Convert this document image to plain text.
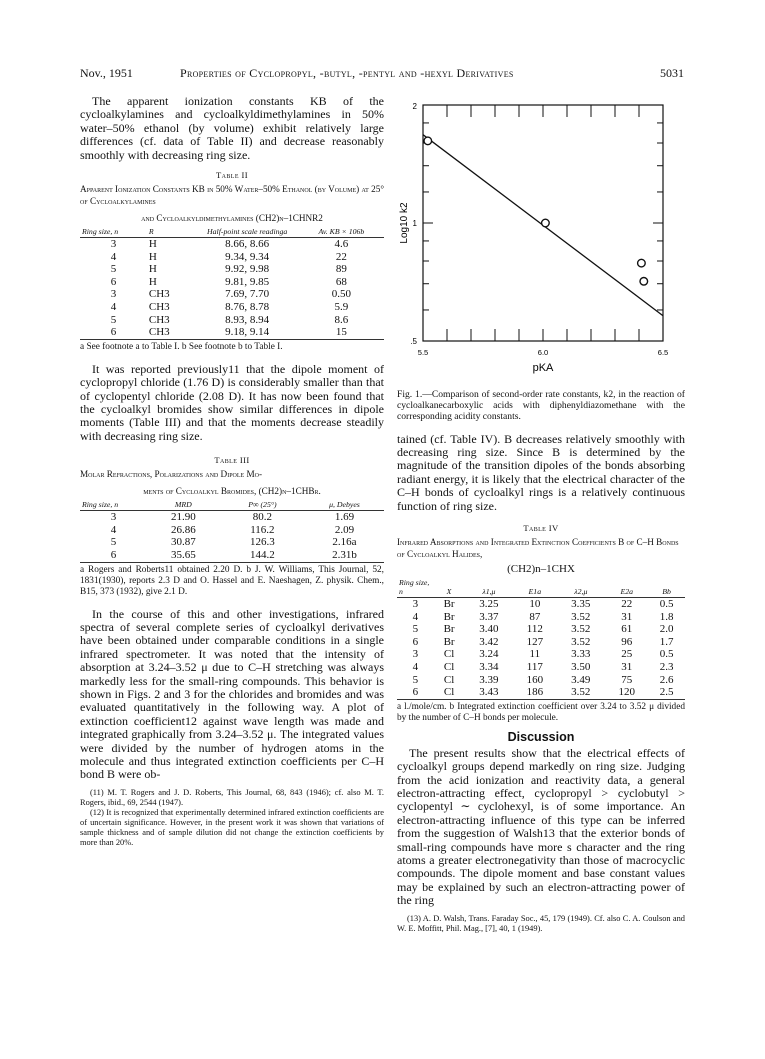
Nov., 1951	Properties of Cyclopropyl, -butyl, -pentyl and -hexyl Derivatives	5031

The apparent ionization constants KB of the cycloalkylamines and cycloalkyldimethylamines in 50% water–50% ethanol (by volume) exhibit relatively large differences (cf. data of Table II) and decrease reasonably smoothly with decreasing ring size.

Table II
Apparent Ionization Constants KB in 50% Water–50% Ethanol (by Volume) at 25° of Cycloalkylamines
and Cycloalkyldimethylamines (CH2)n–1CHNR2
Ring size, n	R	Half-point scale readinga	Av. KB × 106b
3	H	8.66, 8.66	4.6
4	H	9.34, 9.34	22
5	H	9.92, 9.98	89
6	H	9.81, 9.85	68
3	CH3	7.69, 7.70	0.50
4	CH3	8.76, 8.78	5.9
5	CH3	8.93, 8.94	8.6
6	CH3	9.18, 9.14	15
a See footnote a to Table I. b See footnote b to Table I.

It was reported previously11 that the dipole moment of cyclopropyl chloride (1.76 D) is considerably smaller than that of cyclopentyl chloride (2.08 D). It has now been found that the cycloalkyl bromides show similar differences in dipole moments (Table III) and that the moments decrease steadily with decreasing ring size.

Table III
Molar Refractions, Polarizations and Dipole Mo-
ments of Cycloalkyl Bromides, (CH2)n–1CHBr.
Ring size, n	MRD	P∞ (25°)	μ, Debyes
3	21.90	80.2	1.69
4	26.86	116.2	2.09
5	30.87	126.3	2.16a
6	35.65	144.2	2.31b
a Rogers and Roberts11 obtained 2.20 D. b J. W. Williams, This Journal, 52, 1831(1930), reports 2.3 D and O. Hassel and E. Naeshagen, Z. physik. Chem., B15, 373 (1932), give 2.1 D.

In the course of this and other investigations, infrared spectra of several complete series of cycloalkyl derivatives have been obtained under comparable conditions in a single infrared spectrometer. It was noted that the intensity of absorption at 3.24–3.52 μ due to C–H stretching was always markedly less for the small-ring compounds. This behavior is shown in Figs. 2 and 3 for the chlorides and bromides and was evaluated quantitatively in the following way. A plot of extinction coefficient12 against wave length was made and integrated graphically from 3.24–3.52 μ. The integrated values were divided by the number of hydrogen atoms in the molecule and thus integrated extinction coefficients per C–H bond B were ob-

(11) M. T. Rogers and J. D. Roberts, This Journal, 68, 843 (1946); cf. also M. T. Rogers, ibid., 69, 2544 (1947).

(12) It is recognized that experimentally determined infrared extinction coefficients are of uncertain significance. However, in the present work it was shown that variations of sample thickness and of sample dilution did not change the extinction coefficients by more than 20%.

2
1
.5
5.5	6.0	6.5
Log10 k2
pKA

Fig. 1.—Comparison of second-order rate constants, k2, in the reaction of cycloalkanecarboxylic acids with diphenyldiazomethane with the corresponding acidity constants.

tained (cf. Table IV). B decreases relatively smoothly with decreasing ring size. Since B is determined by the magnitude of the transition dipoles of the bonds absorbing radiant energy, it is likely that the electrical character of the C–H bonds of cycloalkyl rings is a relatively continuous function of ring size.

Table IV
Infrared Absorptions and Integrated Extinction Coefficients B of C–H Bonds of Cycloalkyl Halides,
(CH2)n–1CHX
Ring size, n	X	λ1,μ	E1a	λ2,μ	E2a	Bb
3	Br	3.25	10	3.35	22	0.5
4	Br	3.37	87	3.52	31	1.8
5	Br	3.40	112	3.52	61	2.0
6	Br	3.42	127	3.52	96	1.7
3	Cl	3.24	11	3.33	25	0.5
4	Cl	3.34	117	3.50	31	2.3
5	Cl	3.39	160	3.49	75	2.6
6	Cl	3.43	186	3.52	120	2.5
a l./mole/cm. b Integrated extinction coefficient over 3.24 to 3.52 μ divided by the number of C–H bonds per molecule.
Discussion

The present results show that the electrical effects of cycloalkyl groups depend markedly on ring size. Judging from the acid ionization and reactivity data, a general electron-attracting effect, cyclopropyl > cyclobutyl > cyclopentyl ∼ cyclohexyl, is of some importance. An electron-attracting influence of this type can be inferred from the suggestion of Walsh13 that the exterior bonds of small-ring compounds have more s character and the ring atoms a greater electronegativity than those of macrocyclic compounds. The dipole moment and base constant values may be explained by such an electron-attracting power of the ring

(13) A. D. Walsh, Trans. Faraday Soc., 45, 179 (1949). Cf. also C. A. Coulson and W. E. Moffitt, Phil. Mag., [7], 40, 1 (1949).
